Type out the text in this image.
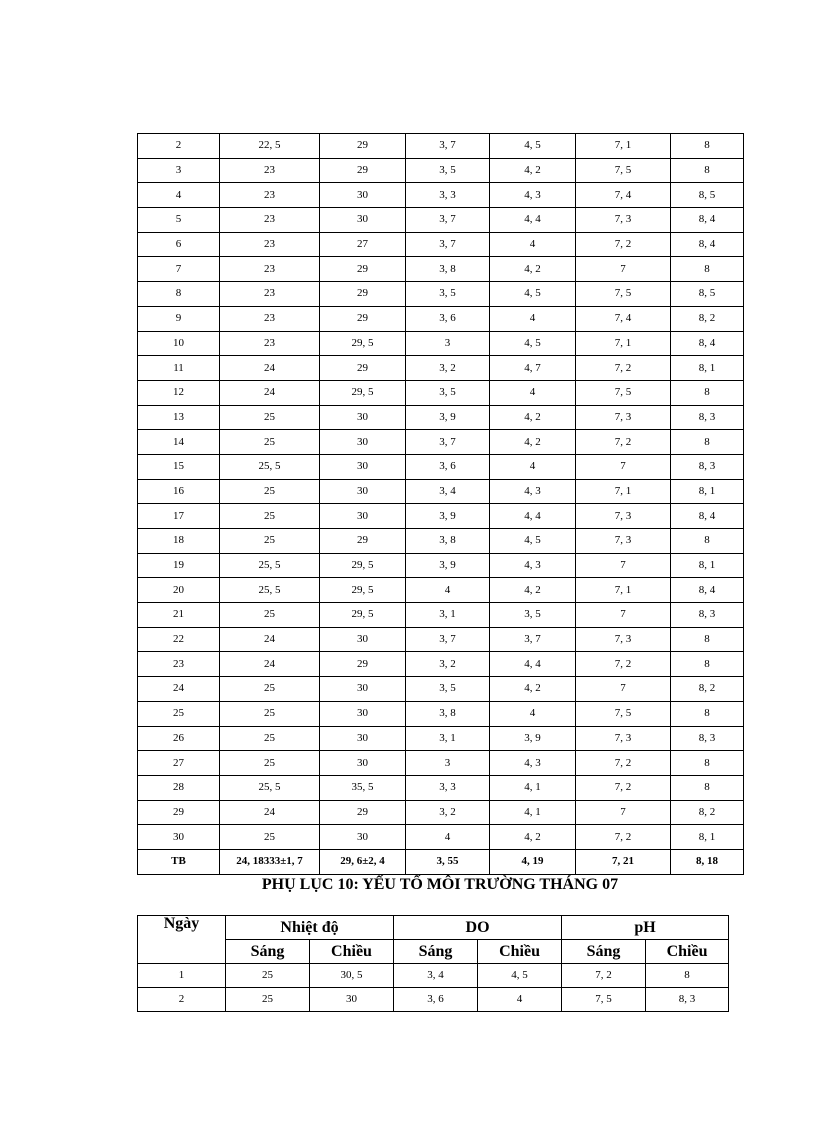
2	22, 5	29	3, 7	4, 5	7, 1	8
3	23	29	3, 5	4, 2	7, 5	8
4	23	30	3, 3	4, 3	7, 4	8, 5
5	23	30	3, 7	4, 4	7, 3	8, 4
6	23	27	3, 7	4	7, 2	8, 4
7	23	29	3, 8	4, 2	7	8
8	23	29	3, 5	4, 5	7, 5	8, 5
9	23	29	3, 6	4	7, 4	8, 2
10	23	29, 5	3	4, 5	7, 1	8, 4
11	24	29	3, 2	4, 7	7, 2	8, 1
12	24	29, 5	3, 5	4	7, 5	8
13	25	30	3, 9	4, 2	7, 3	8, 3
14	25	30	3, 7	4, 2	7, 2	8
15	25, 5	30	3, 6	4	7	8, 3
16	25	30	3, 4	4, 3	7, 1	8, 1
17	25	30	3, 9	4, 4	7, 3	8, 4
18	25	29	3, 8	4, 5	7, 3	8
19	25, 5	29, 5	3, 9	4, 3	7	8, 1
20	25, 5	29, 5	4	4, 2	7, 1	8, 4
21	25	29, 5	3, 1	3, 5	7	8, 3
22	24	30	3, 7	3, 7	7, 3	8
23	24	29	3, 2	4, 4	7, 2	8
24	25	30	3, 5	4, 2	7	8, 2
25	25	30	3, 8	4	7, 5	8
26	25	30	3, 1	3, 9	7, 3	8, 3
27	25	30	3	4, 3	7, 2	8
28	25, 5	35, 5	3, 3	4, 1	7, 2	8
29	24	29	3, 2	4, 1	7	8, 2
30	25	30	4	4, 2	7, 2	8, 1
TB	24, 18333±1, 7	29, 6±2, 4	3, 55	4, 19	7, 21	8, 18
PHỤ LỤC 10: YẾU TỐ MÔI TRƯỜNG THÁNG 07
Ngày	Nhiệt độ		DO		pH	
	Sáng	Chiều	Sáng	Chiều	Sáng	Chiều
1	25	30, 5	3, 4	4, 5	7, 2	8
2	25	30	3, 6	4	7, 5	8, 3
